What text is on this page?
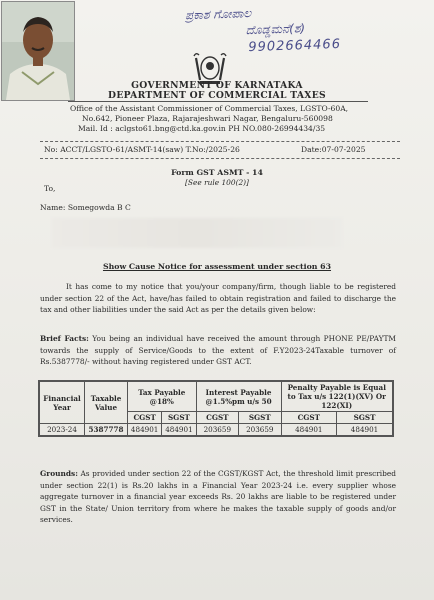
ಪ್ರಕಾಶ ಗೋಪಾಲ
ದೊಡ್ಡಮನೆ(ಶ)
9902664466
GOVERNMENT OF KARNATAKA
DEPARTMENT OF COMMERCIAL TAXES
Office of the Assistant Commissioner of Commercial Taxes, LGSTO-60A,
No.642, Pioneer Plaza, Rajarajeshwari Nagar, Bengaluru-560098
Mail. Id : aclgsto61.bng@ctd.ka.gov.in PH NO.080-26994434/35
No: ACCT/LGSTO-61/ASMT-14(saw) T.No:/2025-26	Date:07-07-2025
Form GST ASMT - 14
[See rule 100(2)]
To,
Name: Somegowda B C
Show Cause Notice for assessment under section 63
It has come to my notice that you/your company/firm, though liable to be registered under section 22 of the Act, have/has failed to obtain registration and failed to discharge the tax and other liabilities under the said Act as per the details given below:
Brief Facts: You being an individual have received the amount through PHONE PE/PAYTM towards the supply of Service/Goods to the extent of F.Y2023-24Taxable turnover of Rs.5387778/- without having registered under GST ACT.
Financial Year	Taxable Value	Tax Payable @18%		Interest Payable @1.5%pm u/s 50		Penalty Payable is Equal to Tax u/s 122(1)(XV) Or 122(XI)	
		CGST	SGST	CGST	SGST	CGST	SGST
2023-24	5387778	484901	484901	203659	203659	484901	484901
Grounds: As provided under section 22 of the CGST/KGST Act, the threshold limit prescribed under section 22(1) is Rs.20 lakhs in a Financial Year 2023-24 i.e. every supplier whose aggregate turnover in a financial year exceeds Rs. 20 lakhs are liable to be registered under GST in the State/ Union territory from where he makes the taxable supply of goods and/or services.
